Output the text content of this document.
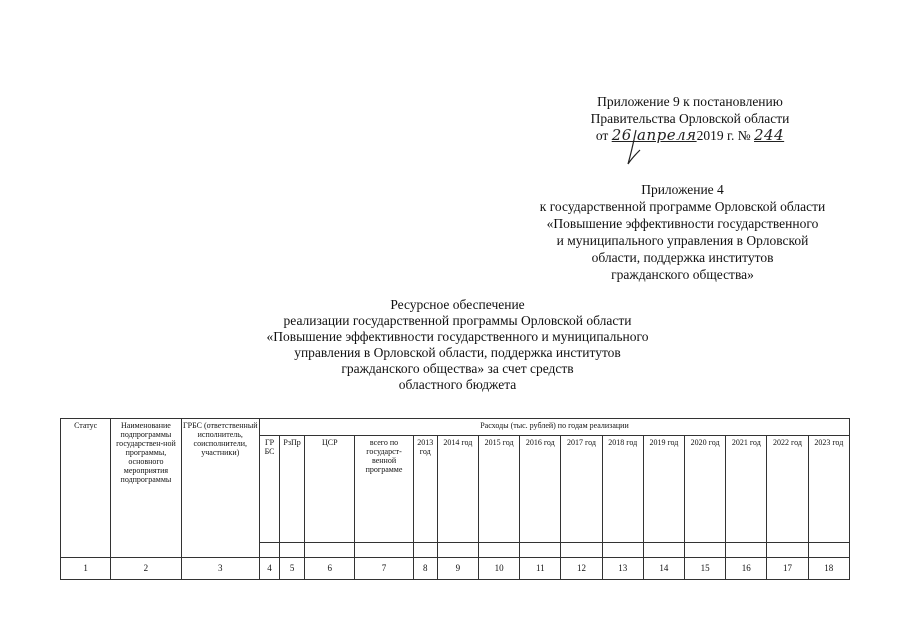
Приложение 9 к постановлению
Правительства Орловской области
от 26 апреля2019 г. № 244
Приложение 4
к государственной программе Орловской области
«Повышение эффективности государственного
и муниципального управления в Орловской
области, поддержка институтов
гражданского общества»
Ресурсное обеспечение
реализации государственной программы Орловской области
«Повышение эффективности государственного и муниципального
управления в Орловской области, поддержка институтов
гражданского общества» за счет средств
областного бюджета
Статус	Наименование подпрограммы государствен-ной программы, основного мероприятия подпрограммы	ГРБС (ответственный исполнитель, соисполнители, участники)	Расходы (тыс. рублей) по годам реализации														
			ГР БС	РзПр	ЦСР	всего по государст-венной программе	2013 год	2014 год	2015 год	2016 год	2017 год	2018 год	2019 год	2020 год	2021 год	2022 год	2023 год

1	2	3	4	5	6	7	8	9	10	11	12	13	14	15	16	17	18
